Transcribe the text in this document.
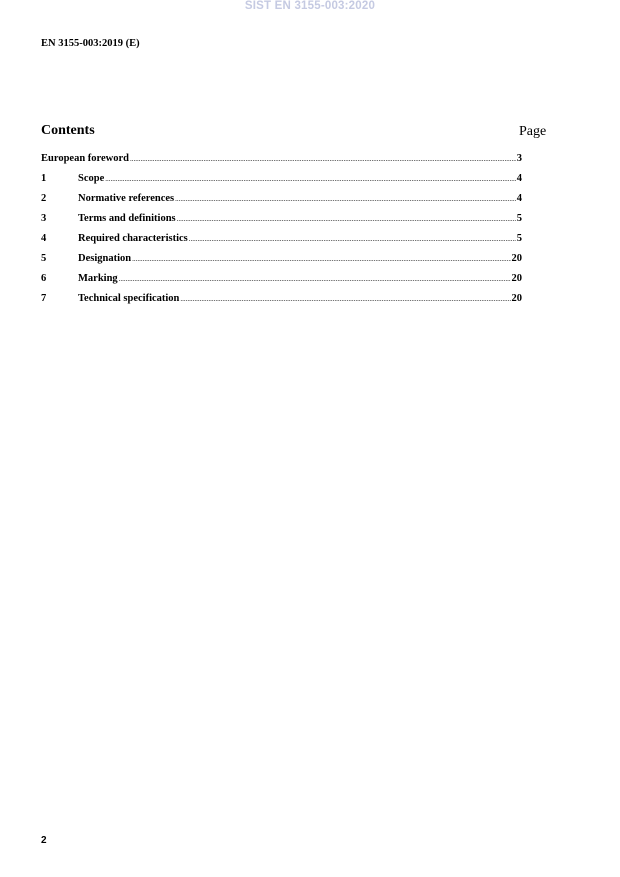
SIST EN 3155-003:2020
EN 3155-003:2019 (E)
Contents	Page
European foreword .....	3
1	Scope .....	4
2	Normative references .....	4
3	Terms and definitions .....	5
4	Required characteristics .....	5
5	Designation .....	20
6	Marking .....	20
7	Technical specification .....	20
2
